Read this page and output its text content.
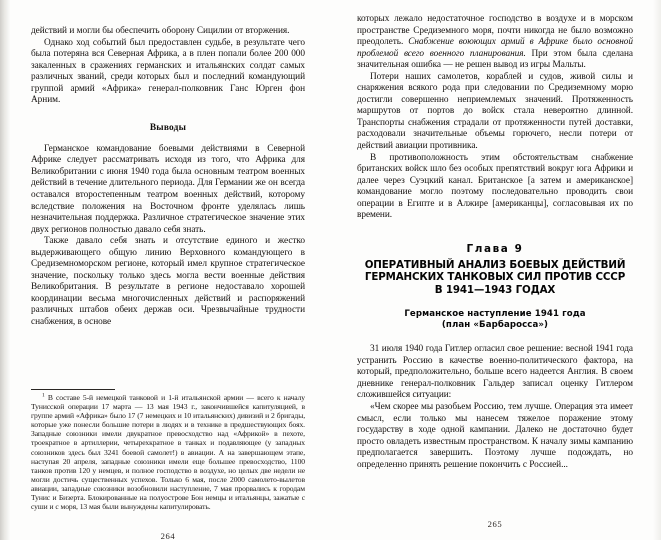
действий и могли бы обеспечить оборону Сицилии от вторжения.

Однако ход событий был предоставлен судьбе, в результате чего была потеряна вся Северная Африка, а в плен попали более 200 000 закаленных в сражениях германских и итальянских солдат самых различных званий, среди которых был и последний командующий группой армий «Африка» генерал-полковник Ганс Юрген фон Арним.

Выводы

Германское командование боевыми действиями в Северной Африке следует рассматривать исходя из того, что Африка для Великобритании с июня 1940 года была основным театром военных действий в течение длительного периода. Для Германии же он всегда оставался второстепенным театром военных действий, которому вследствие положения на Восточном фронте уделялась лишь незначительная поддержка. Различное стратегическое значение этих двух регионов полностью давало себя знать.

Также давало себя знать и отсутствие единого и жестко выдерживающего общую линию Верховного командующего в Средиземноморском регионе, который имел крупное стратегическое значение, поскольку только здесь могла вести военные действия Великобритания. В результате в регионе недоставало хорошей координации весьма многочисленных действий и распоряжений различных штабов обеих держав оси. Чрезвычайные трудности снабжения, в основе

$^1$ В составе 5-й немецкой танковой и 1-й итальянской армии — всего к началу Тунисской операции 17 марта — 13 мая 1943 г., закончившейся капитуляцией, в группе армий «Африка» было 17 (7 немецких и 10 итальянских) дивизий и 2 бригады, которые уже понесли большие потери в людях и в технике в предшествующих боях. Западные союзники имели двукратное превосходство над «Африкой» в пехоте, троекратное в артиллерии, четырехкратное в танках и подавляющее (у западных союзников здесь был 3241 боевой самолет!) в авиации. А на завершающем этапе, наступая 20 апреля, западные союзники имели еще большее превосходство, 1100 танков против 120 у немцев, и полное господство в воздухе, но целых две недели не могли достичь существенных успехов. Только 6 мая, после 2000 самолето-вылетов авиации, западные союзники возобновили наступление, 7 мая прорвались к городам Тунис и Бизерта. Блокированные на полуострове Бон немцы и итальянцы, зажатые с суши и с моря, 13 мая были вынуждены капитулировать.

264

которых лежало недостаточное господство в воздухе и в морском пространстве Средиземного моря, почти никогда не было возможно преодолеть. Снабжение воюющих армий в Африке было основной проблемой всего военного планирования. При этом была сделана значительная ошибка — не решен вывод из игры Мальты.

Потери наших самолетов, кораблей и судов, живой силы и снаряжения всякого рода при следовании по Средиземному морю достигли совершенно неприемлемых значений. Протяженность маршрутов от портов до войск стала невероятно длинной. Транспорты снабжения страдали от протяженности путей доставки, расходовали значительные объемы горючего, несли потери от действий авиации противника.

В противоположность этим обстоятельствам снабжение британских войск шло без особых препятствий вокруг юга Африки и далее через Суэцкий канал. Британское [а затем и американское] командование могло поэтому последовательно проводить свои операции в Египте и в Алжире [американцы], согласовывая их по времени.

Глава 9
ОПЕРАТИВНЫЙ АНАЛИЗ БОЕВЫХ ДЕЙСТВИЙ
ГЕРМАНСКИХ ТАНКОВЫХ СИЛ ПРОТИВ СССР
В 1941—1943 ГОДАХ
Германское наступление 1941 года
(план «Барбаросса»)

31 июля 1940 года Гитлер огласил свое решение: весной 1941 года устранить Россию в качестве военно-политического фактора, на который, предположительно, больше всего надеется Англия. В своем дневнике генерал-полковник Гальдер записал оценку Гитлером сложившейся ситуации:

«Чем скорее мы разобьем Россию, тем лучше. Операция эта имеет смысл, если только мы нанесем тяжелое поражение этому государству в ходе одной кампании. Далеко не достаточно будет просто овладеть известным пространством. К началу зимы кампанию предполагается завершить. Поэтому лучше подождать, но определенно принять решение покончить с Россией...

265
